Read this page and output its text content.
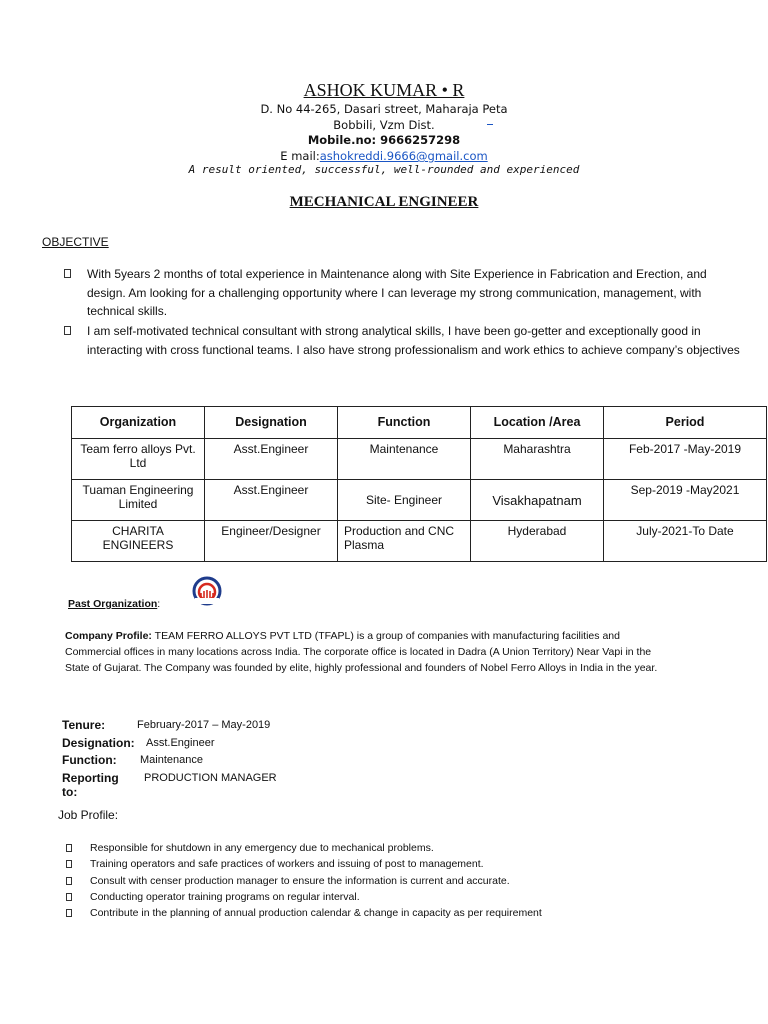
ASHOK KUMAR • R
D. No 44-265, Dasari street, Maharaja Peta
Bobbili, Vzm Dist.
Mobile.no: 9666257298
E mail:ashokreddi.9666@gmail.com
A result oriented, successful, well-rounded and experienced
MECHANICAL ENGINEER
OBJECTIVE
With 5years 2 months of total experience in Maintenance along with Site Experience in Fabrication and Erection, and design. Am looking for a challenging opportunity where I can leverage my strong communication, management, with technical skills.
I am self-motivated technical consultant with strong analytical skills, I have been go-getter and exceptionally good in interacting with cross functional teams. I also have strong professionalism and work ethics to achieve company’s objectives
Organization	Designation	Function	Location /Area	Period
Team ferro alloys Pvt. Ltd	Asst.Engineer	Maintenance	Maharashtra	Feb-2017 -May-2019
Tuaman Engineering Limited	Asst.Engineer	Site- Engineer	Visakhapatnam	Sep-2019 -May2021
CHARITA ENGINEERS	Engineer/Designer	Production and CNC Plasma	Hyderabad	July-2021-To Date
Past Organization:
Company Profile: TEAM FERRO ALLOYS PVT LTD (TFAPL) is a group of companies with manufacturing facilities and Commercial offices in many locations across India. The corporate office is located in Dadra (A Union Territory) Near Vapi in the State of Gujarat. The Company was founded by elite, highly professional and founders of Nobel Ferro Alloys in India in the year.
Tenure:	February-2017 – May-2019
Designation: Asst.Engineer
Function: Maintenance
Reporting to:
PRODUCTION MANAGER
Job Profile:
Responsible for shutdown in any emergency due to mechanical problems.
Training operators and safe practices of workers and issuing of post to management.
Consult with censer production manager to ensure the information is current and accurate.
Conducting operator training programs on regular interval.
Contribute in the planning of annual production calendar & change in capacity as per requirement
